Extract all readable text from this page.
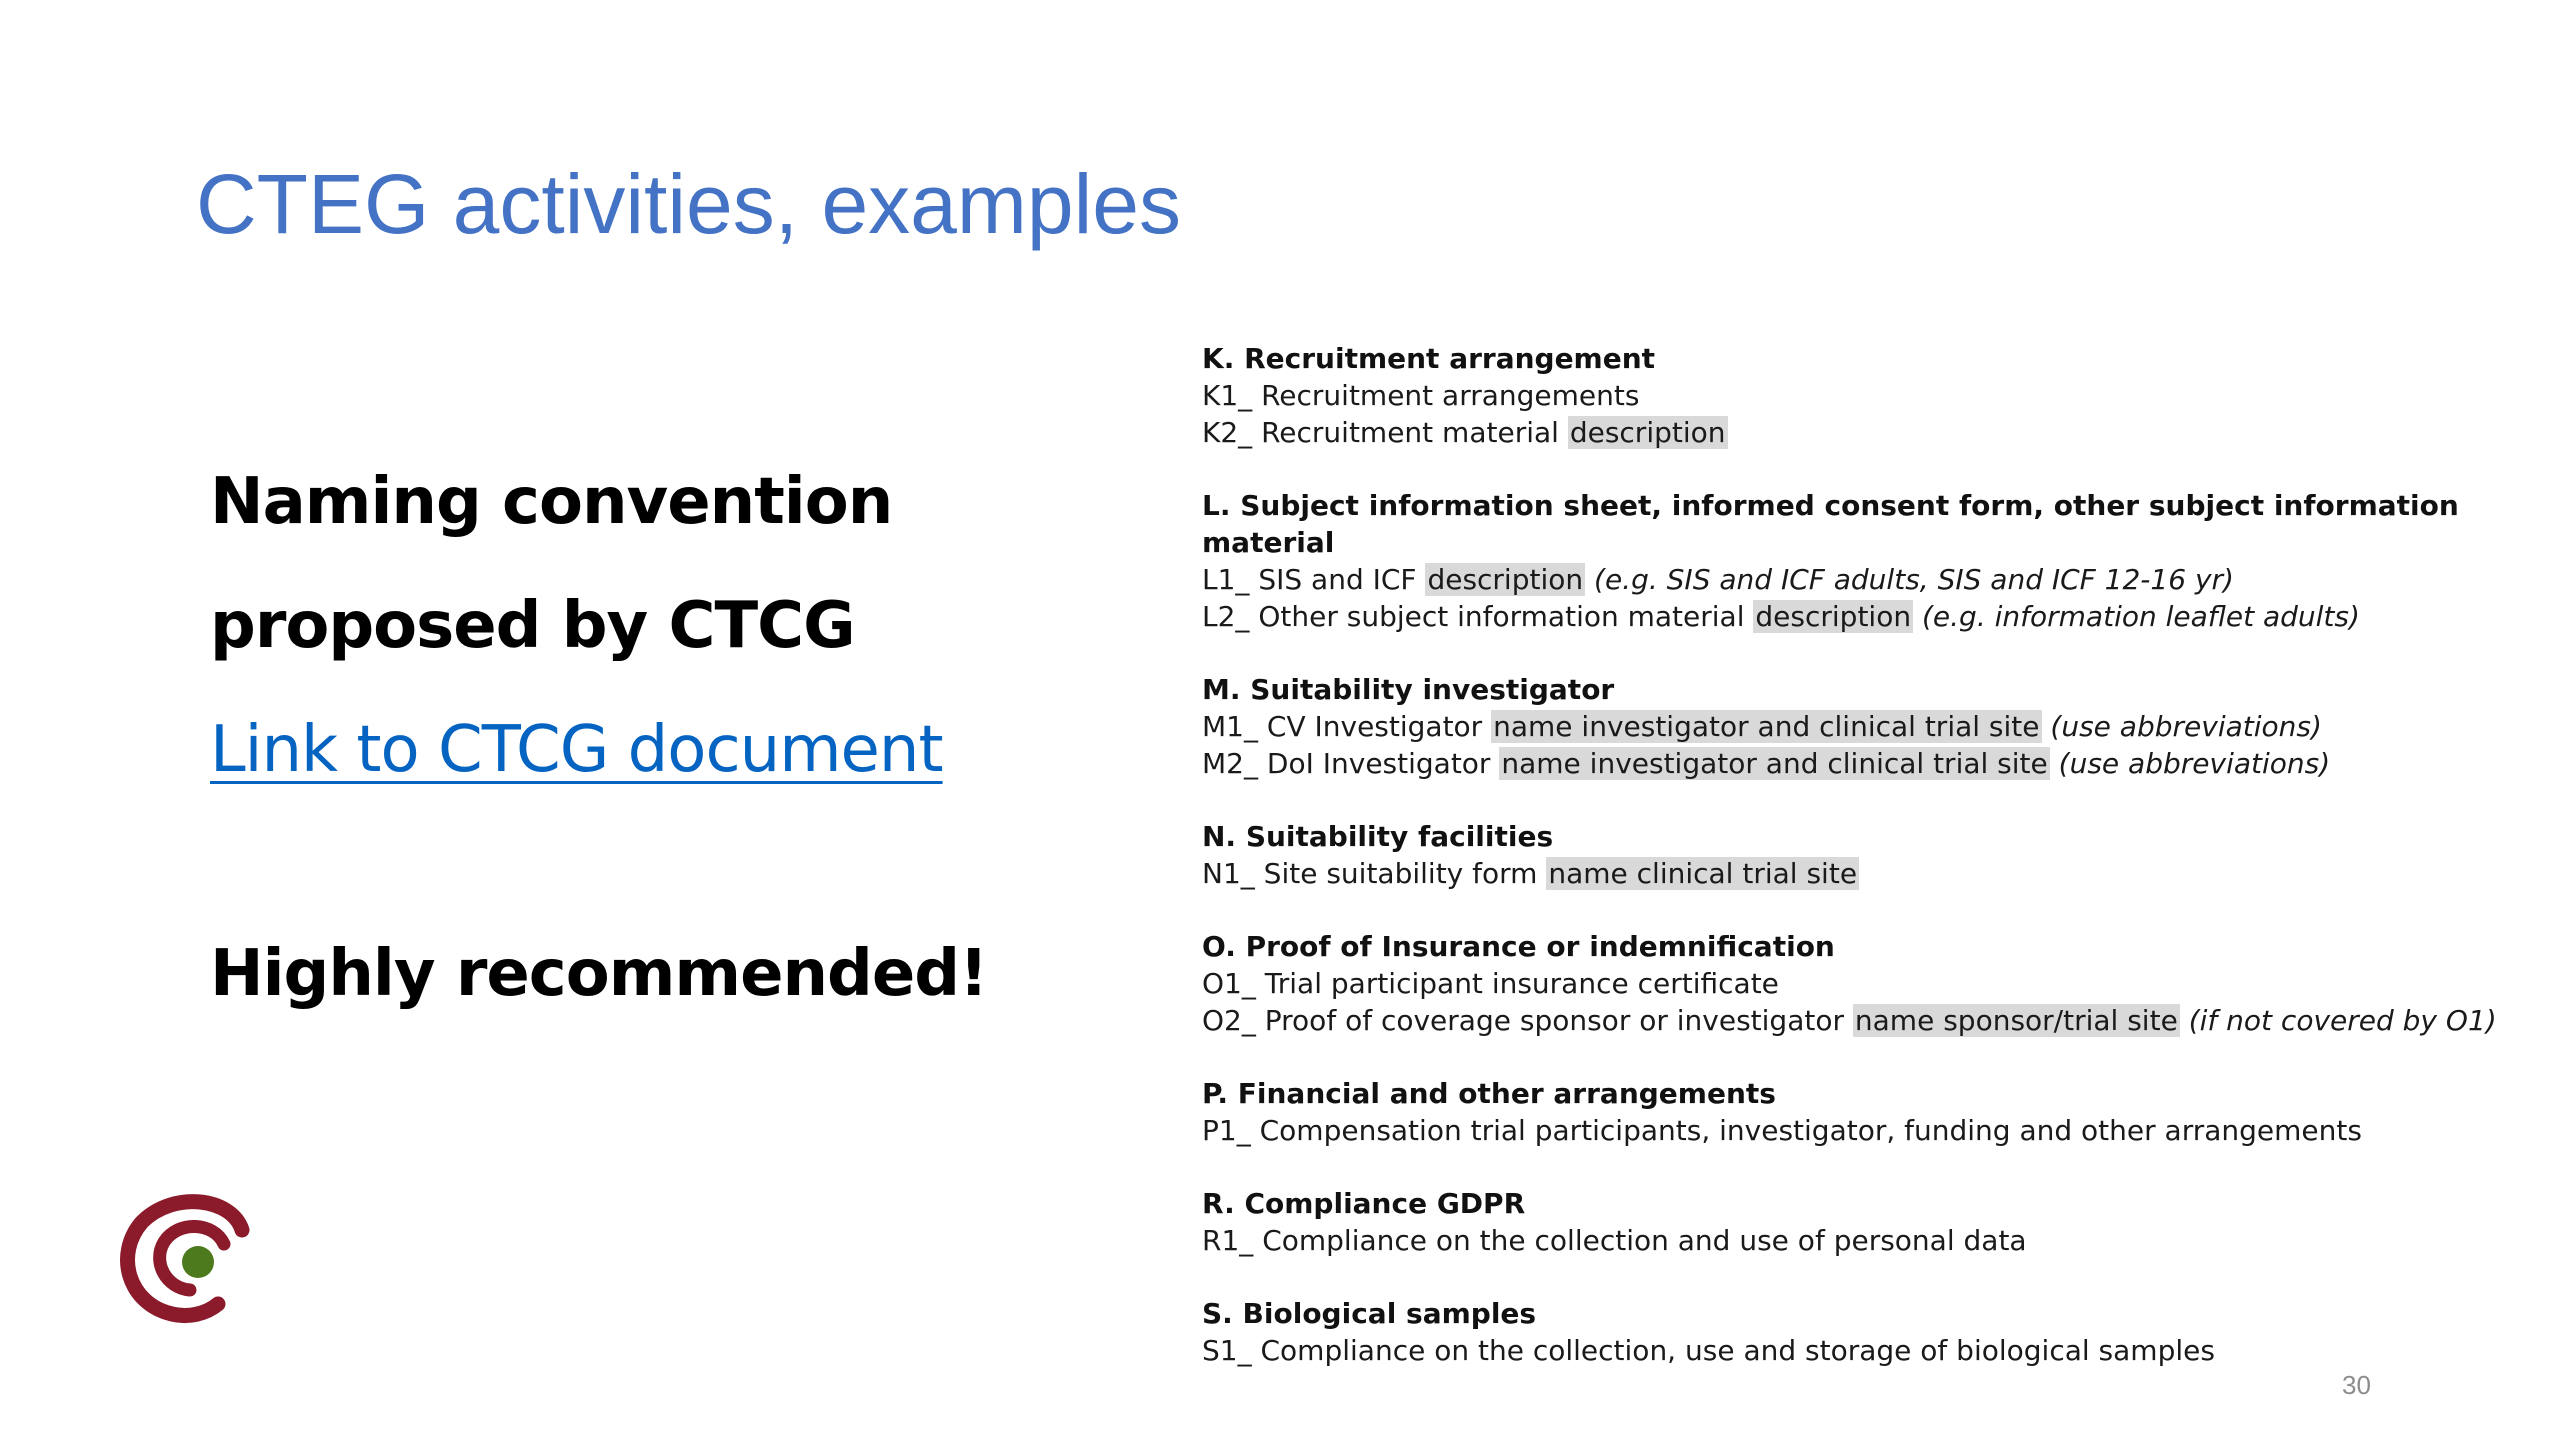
CTEG activities, examples

Naming convention

proposed by CTCG

Link to CTCG document

Highly recommended!

K. Recruitment arrangement
K1_ Recruitment arrangements
K2_ Recruitment material description
L. Subject information sheet, informed consent form, other subject information
material
L1_ SIS and ICF description (e.g. SIS and ICF adults, SIS and ICF 12-16 yr)
L2_ Other subject information material description (e.g. information leaflet adults)
M. Suitability investigator
M1_ CV Investigator name investigator and clinical trial site (use abbreviations)
M2_ DoI Investigator name investigator and clinical trial site (use abbreviations)
N. Suitability facilities
N1_ Site suitability form name clinical trial site
O. Proof of Insurance or indemnification
O1_ Trial participant insurance certificate
O2_ Proof of coverage sponsor or investigator name sponsor/trial site (if not covered by O1)
P. Financial and other arrangements
P1_ Compensation trial participants, investigator, funding and other arrangements
R. Compliance GDPR
R1_ Compliance on the collection and use of personal data
S. Biological samples
S1_ Compliance on the collection, use and storage of biological samples
30
